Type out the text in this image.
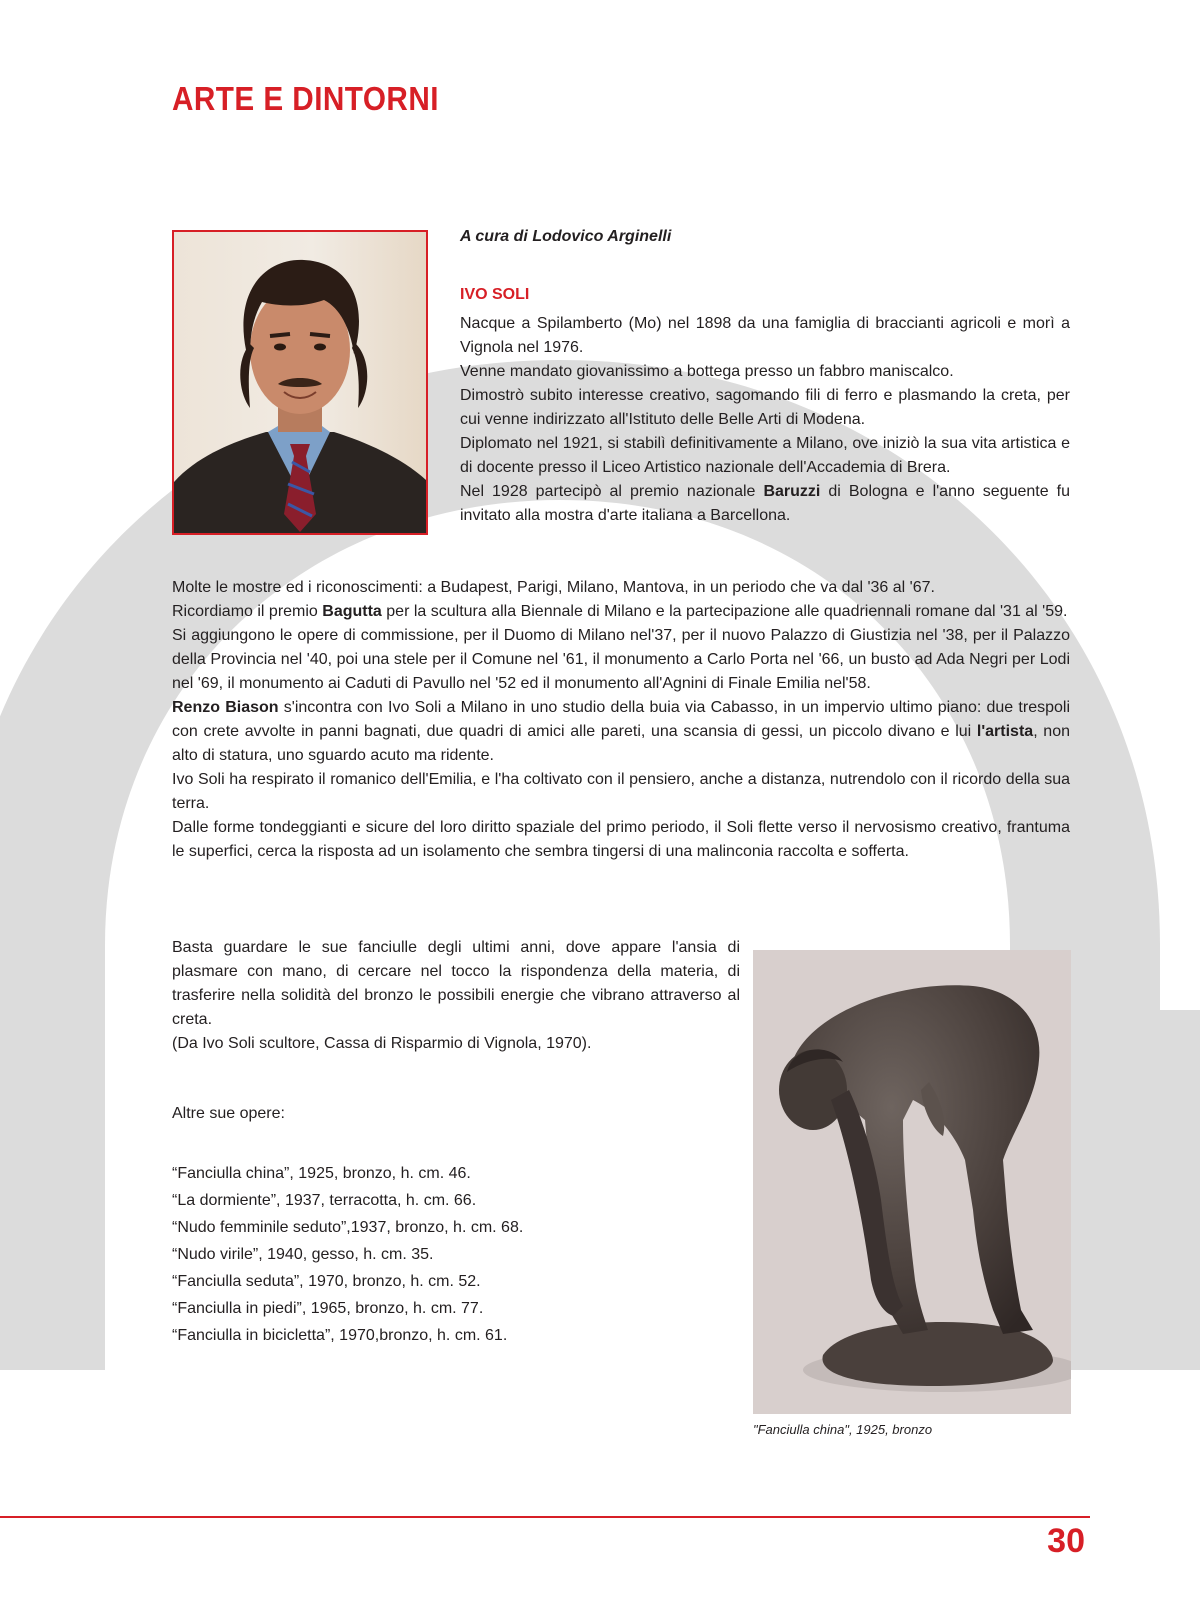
ARTE E DINTORNI

A cura di Lodovico Arginelli

IVO SOLI

Nacque a Spilamberto (Mo) nel 1898 da una famiglia di braccianti agricoli e morì a Vignola nel 1976.

Venne mandato giovanissimo a bottega presso un fabbro maniscalco.

Dimostrò subito interesse creativo, sagomando fili di ferro e plasmando la creta, per cui venne indirizzato all'Istituto delle Belle Arti di Modena.

Diplomato nel 1921, si stabilì definitivamente a Milano, ove iniziò la sua vita artistica e di docente presso il Liceo Artistico nazionale dell'Accademia di Brera.

Nel 1928 partecipò al premio nazionale Baruzzi di Bologna e l'anno seguente fu invitato alla mostra d'arte italiana a Barcellona.

Molte le mostre ed i riconoscimenti: a Budapest, Parigi, Milano, Mantova, in un periodo che va dal '36 al '67.

Ricordiamo il premio Bagutta per la scultura alla Biennale di Milano e la partecipazione alle quadriennali romane dal '31 al '59.

Si aggiungono le opere di commissione, per il Duomo di Milano nel'37, per il nuovo Palazzo di Giustizia nel '38, per il Palazzo della Provincia nel '40, poi una stele per il Comune nel '61, il monumento a Carlo Porta nel '66, un busto ad Ada Negri per Lodi nel '69, il monumento ai Caduti di Pavullo nel '52 ed il monumento all'Agnini di Finale Emilia nel'58.

Renzo Biason s'incontra con Ivo Soli a Milano in uno studio della buia via Cabasso, in un impervio ultimo piano: due trespoli con crete avvolte in panni bagnati, due quadri di amici alle pareti, una scansia di gessi, un piccolo divano e lui l'artista, non alto di statura, uno sguardo acuto ma ridente.

Ivo Soli ha respirato il romanico dell'Emilia, e l'ha coltivato con il pensiero, anche a distanza, nutrendolo con il ricordo della sua terra.

Dalle forme tondeggianti e sicure del loro diritto spaziale del primo periodo, il Soli flette verso il nervosismo creativo, frantuma le superfici, cerca la risposta ad un isolamento che sembra tingersi di una malinconia raccolta e sofferta.

Basta guardare le sue fanciulle degli ultimi anni, dove appare l'ansia di plasmare con mano, di cercare nel tocco la rispondenza della materia, di trasferire nella solidità del bronzo le possibili energie che vibrano attraverso al creta.

(Da Ivo Soli scultore, Cassa di Risparmio di Vignola, 1970).

Altre sue opere:

“Fanciulla china”, 1925, bronzo, h. cm. 46.
“La dormiente”, 1937, terracotta, h. cm. 66.
“Nudo femminile seduto”,1937, bronzo, h. cm. 68.
“Nudo virile”, 1940, gesso, h. cm. 35.
“Fanciulla seduta”, 1970, bronzo, h. cm. 52.
“Fanciulla in piedi”, 1965, bronzo, h. cm. 77.
“Fanciulla in bicicletta”, 1970,bronzo, h. cm. 61.

"Fanciulla china", 1925, bronzo

30
